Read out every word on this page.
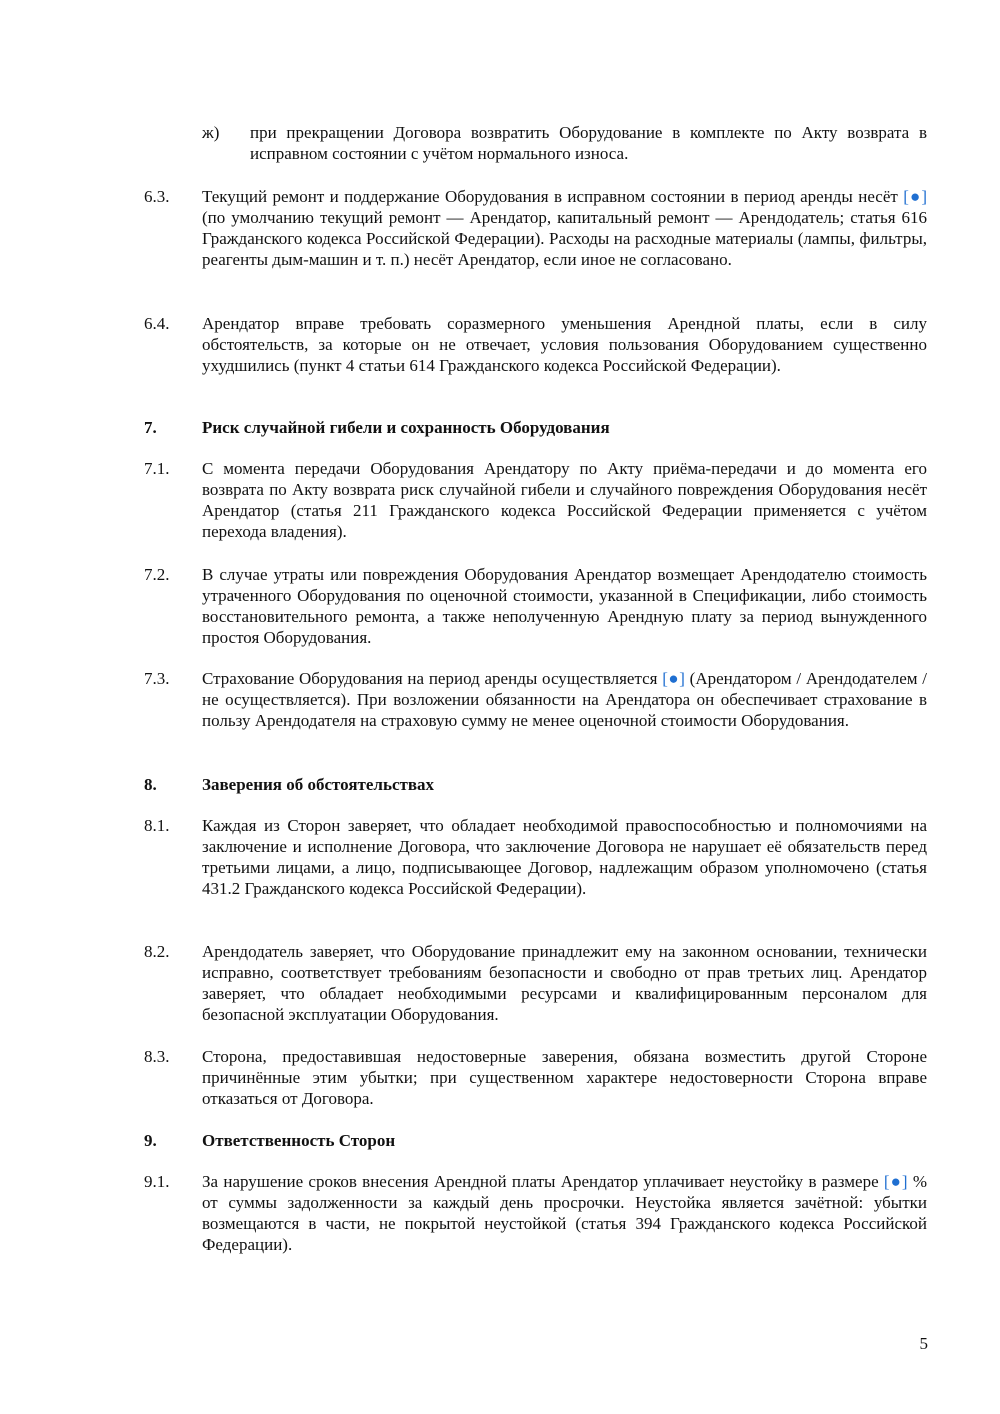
ж)	при прекращении Договора возвратить Оборудование в комплекте по Акту возврата в исправном состоянии с учётом нормального износа.
6.3.	Текущий ремонт и поддержание Оборудования в исправном состоянии в период аренды несёт [●] (по умолчанию текущий ремонт — Арендатор, капитальный ремонт — Арендодатель; статья 616 Гражданского кодекса Российской Федерации). Расходы на расходные материалы (лампы, фильтры, реагенты дым-машин и т. п.) несёт Арендатор, если иное не согласовано.
6.4.	Арендатор вправе требовать соразмерного уменьшения Арендной платы, если в силу обстоятельств, за которые он не отвечает, условия пользования Оборудованием существенно ухудшились (пункт 4 статьи 614 Гражданского кодекса Российской Федерации).
7.	Риск случайной гибели и сохранность Оборудования
7.1.	С момента передачи Оборудования Арендатору по Акту приёма-передачи и до момента его возврата по Акту возврата риск случайной гибели и случайного повреждения Оборудования несёт Арендатор (статья 211 Гражданского кодекса Российской Федерации применяется с учётом перехода владения).
7.2.	В случае утраты или повреждения Оборудования Арендатор возмещает Арендодателю стоимость утраченного Оборудования по оценочной стоимости, указанной в Спецификации, либо стоимость восстановительного ремонта, а также неполученную Арендную плату за период вынужденного простоя Оборудования.
7.3.	Страхование Оборудования на период аренды осуществляется [●] (Арендатором / Арендодателем / не осуществляется). При возложении обязанности на Арендатора он обеспечивает страхование в пользу Арендодателя на страховую сумму не менее оценочной стоимости Оборудования.
8.	Заверения об обстоятельствах
8.1.	Каждая из Сторон заверяет, что обладает необходимой правоспособностью и полномочиями на заключение и исполнение Договора, что заключение Договора не нарушает её обязательств перед третьими лицами, а лицо, подписывающее Договор, надлежащим образом уполномочено (статья 431.2 Гражданского кодекса Российской Федерации).
8.2.	Арендодатель заверяет, что Оборудование принадлежит ему на законном основании, технически исправно, соответствует требованиям безопасности и свободно от прав третьих лиц. Арендатор заверяет, что обладает необходимыми ресурсами и квалифицированным персоналом для безопасной эксплуатации Оборудования.
8.3.	Сторона, предоставившая недостоверные заверения, обязана возместить другой Стороне причинённые этим убытки; при существенном характере недостоверности Сторона вправе отказаться от Договора.
9.	Ответственность Сторон
9.1.	За нарушение сроков внесения Арендной платы Арендатор уплачивает неустойку в размере [●] % от суммы задолженности за каждый день просрочки. Неустойка является зачётной: убытки возмещаются в части, не покрытой неустойкой (статья 394 Гражданского кодекса Российской Федерации).
5
